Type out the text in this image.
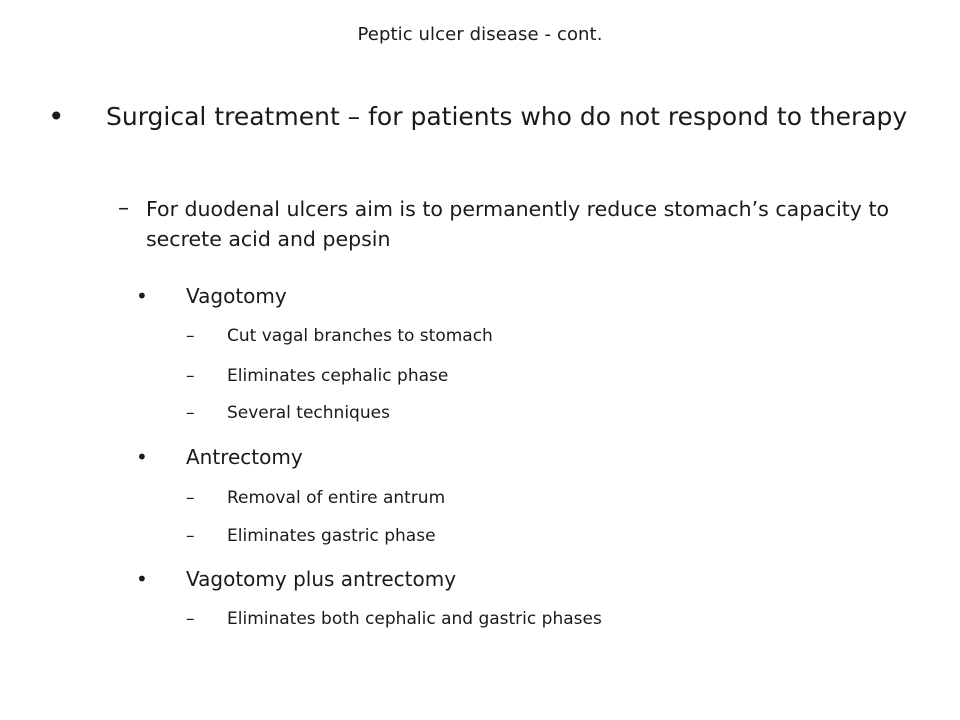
Peptic ulcer disease - cont.
• Surgical treatment – for patients who do not respond to therapy
– For duodenal ulcers aim is to permanently reduce stomach’s capacity to secrete acid and pepsin
• Vagotomy
– Cut vagal branches to stomach
– Eliminates cephalic phase
– Several techniques
• Antrectomy
– Removal of entire antrum
– Eliminates gastric phase
• Vagotomy plus antrectomy
– Eliminates both cephalic and gastric phases
